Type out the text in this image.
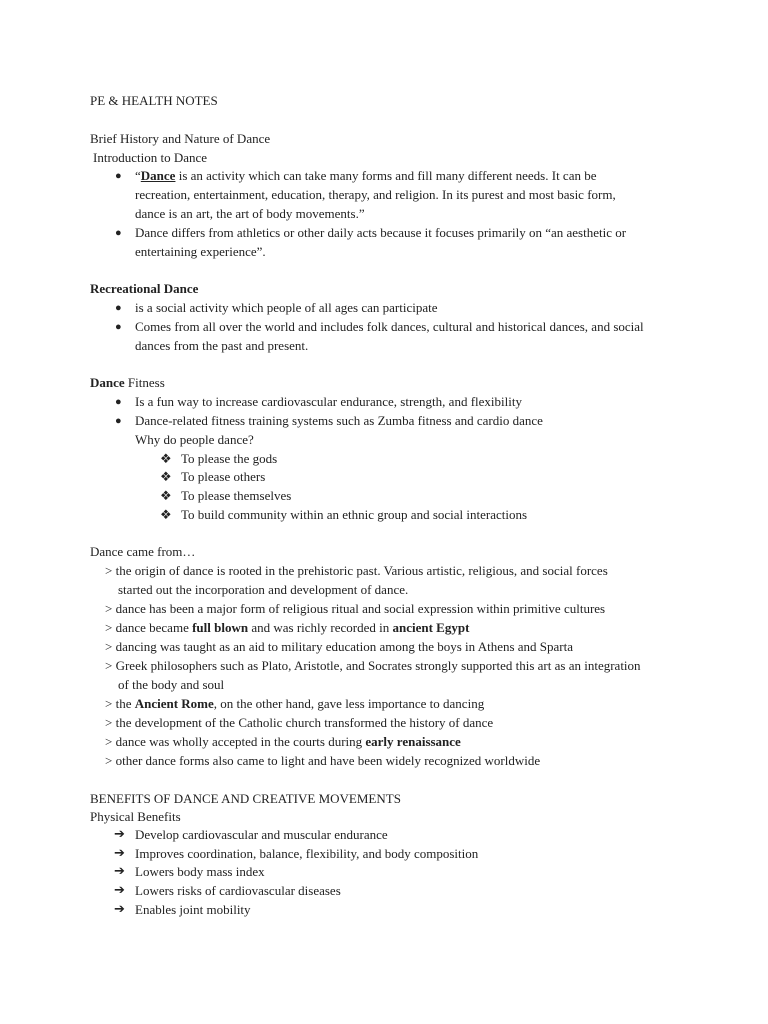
PE & HEALTH NOTES
Brief History and Nature of Dance
Introduction to Dance
● “Dance is an activity which can take many forms and fill many different needs. It can be
recreation, entertainment, education, therapy, and religion. In its purest and most basic form,
dance is an art, the art of body movements.”
● Dance differs from athletics or other daily acts because it focuses primarily on “an aesthetic or
entertaining experience”.
Recreational Dance
● is a social activity which people of all ages can participate
● Comes from all over the world and includes folk dances, cultural and historical dances, and social
dances from the past and present.
Dance Fitness
● Is a fun way to increase cardiovascular endurance, strength, and flexibility
● Dance-related fitness training systems such as Zumba fitness and cardio dance
Why do people dance?
❖ To please the gods
❖ To please others
❖ To please themselves
❖ To build community within an ethnic group and social interactions
Dance came from…
> the origin of dance is rooted in the prehistoric past. Various artistic, religious, and social forces
started out the incorporation and development of dance.
> dance has been a major form of religious ritual and social expression within primitive cultures
> dance became full blown and was richly recorded in ancient Egypt
> dancing was taught as an aid to military education among the boys in Athens and Sparta
> Greek philosophers such as Plato, Aristotle, and Socrates strongly supported this art as an integration
of the body and soul
> the Ancient Rome, on the other hand, gave less importance to dancing
> the development of the Catholic church transformed the history of dance
> dance was wholly accepted in the courts during early renaissance
> other dance forms also came to light and have been widely recognized worldwide
BENEFITS OF DANCE AND CREATIVE MOVEMENTS
Physical Benefits
➔ Develop cardiovascular and muscular endurance
➔ Improves coordination, balance, flexibility, and body composition
➔ Lowers body mass index
➔ Lowers risks of cardiovascular diseases
➔ Enables joint mobility
